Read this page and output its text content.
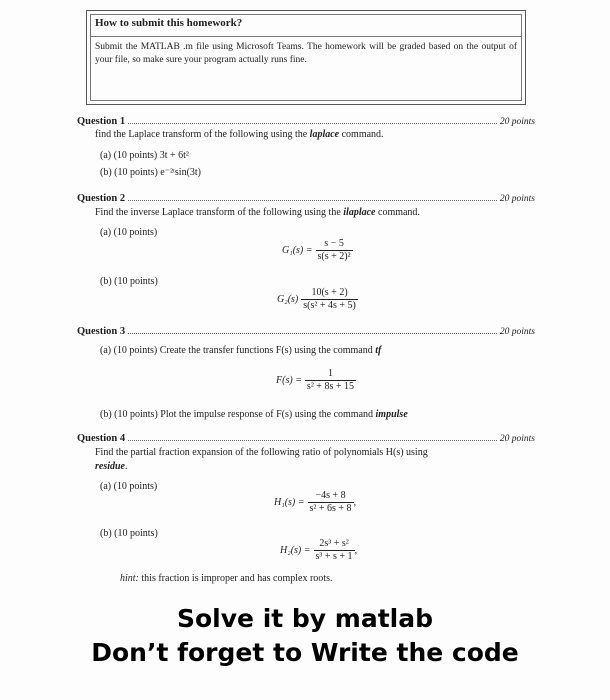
How to submit this homework?
Submit the MATLAB .m file using Microsoft Teams. The homework will be graded based on the output of your file, so make sure your program actually runs fine.
Question 1	20 points
find the Laplace transform of the following using the laplace command.
(a) (10 points) 3t + 6t²
(b) (10 points) e⁻²ᵗsin(3t)
Question 2	20 points
Find the inverse Laplace transform of the following using the ilaplace command.
(a) (10 points)
$G_1(s) = \frac{s - 5}{\text{s(s + 2)²}}$
(b) (10 points)
$G_2(s) \frac{10(s + 2)}{\text{s(s² + 4s + 5)}}$
Question 3	20 points
(a) (10 points) Create the transfer functions F(s) using the command tf
$F(s) = \frac{1}{\text{s² + 8s + 15}}$
(b) (10 points) Plot the impulse response of F(s) using the command impulse
Question 4	20 points
Find the partial fraction expansion of the following ratio of polynomials H(s) using
residue.
(a) (10 points)
$H_1(s) = \frac{-4s + 8}{\text{s² + 6s + 8}}$ ,
(b) (10 points)
$H_2(s) = \frac{\text{2s³ + s²}}{\text{s³ + s + 1}}$ ,
hint: this fraction is improper and has complex roots.
Solve it by matlab
Don’t forget to Write the code
